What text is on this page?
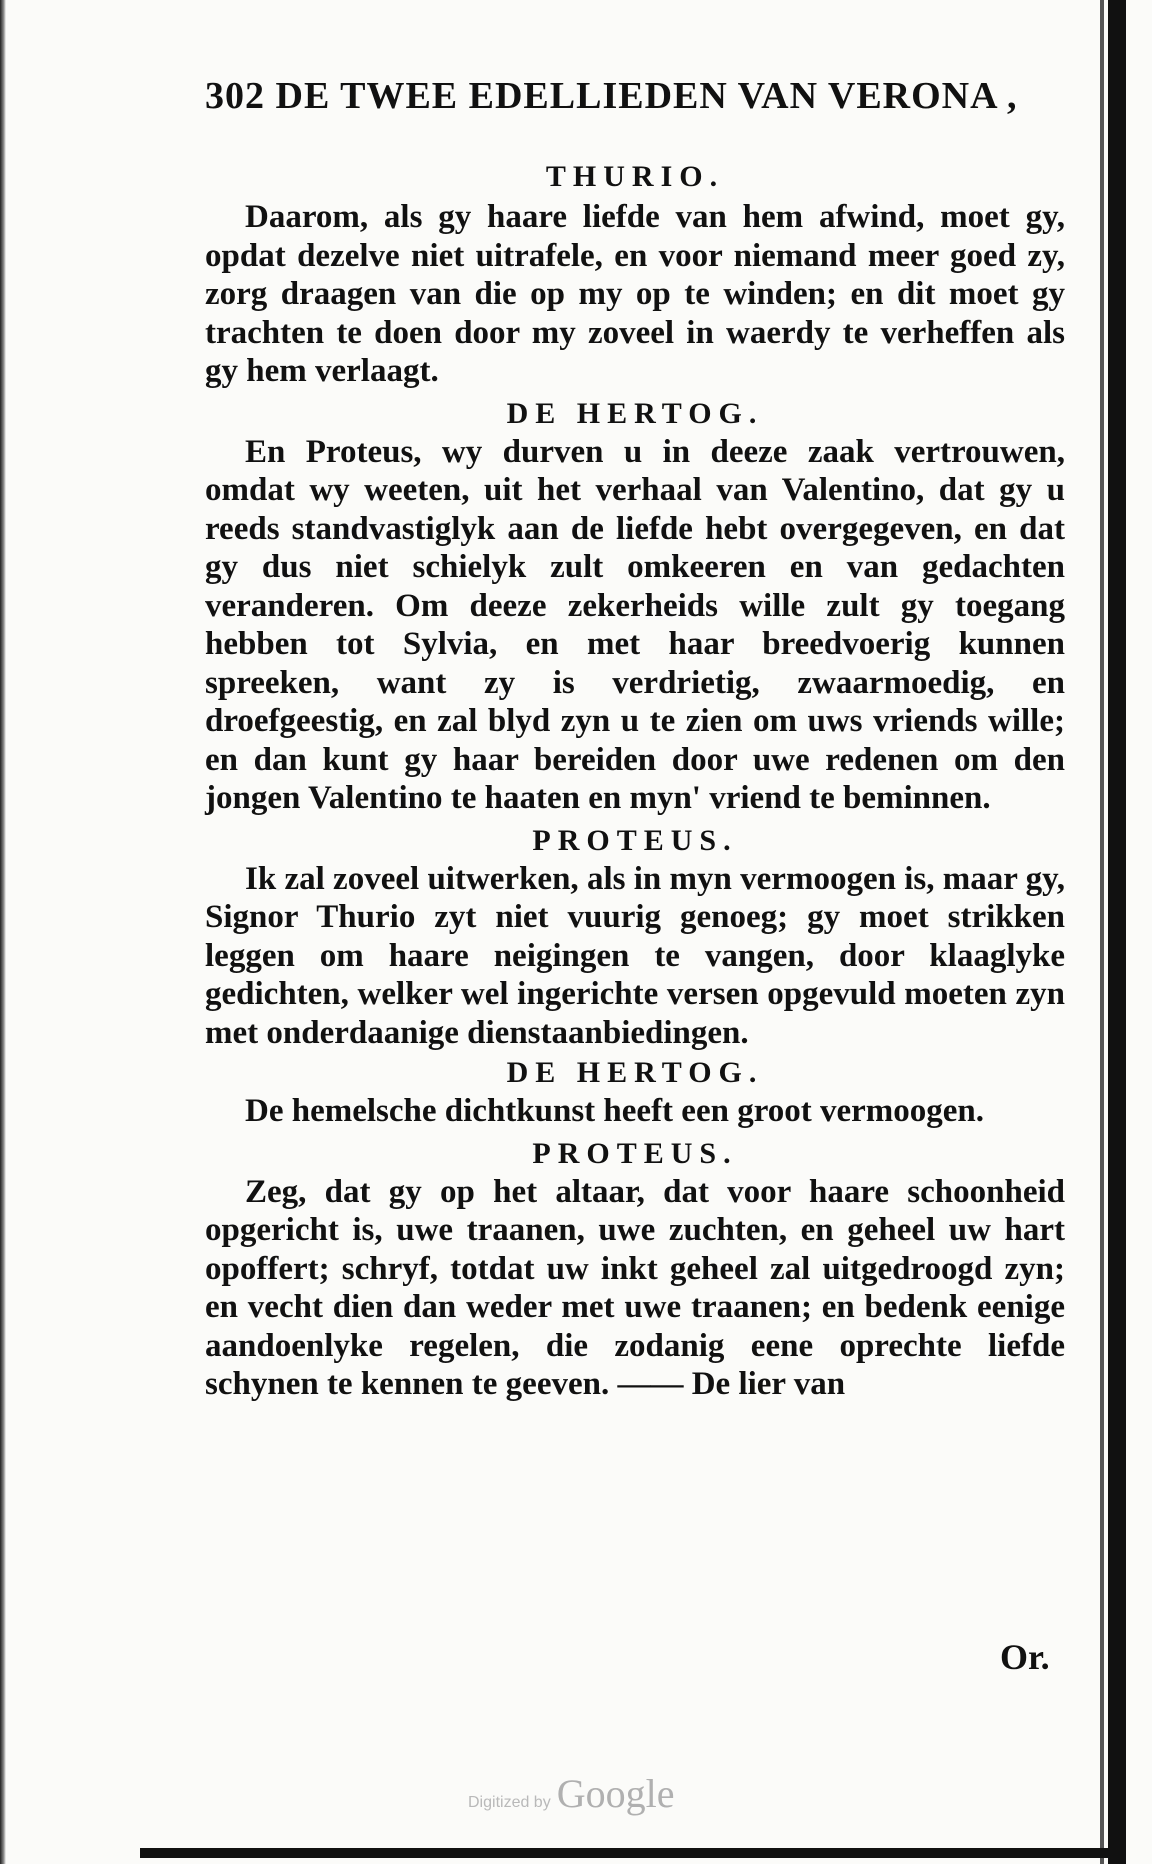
302 DE TWEE EDELLIEDEN VAN VERONA ,
THURIO.

Daarom, als gy haare liefde van hem afwind, moet gy, opdat dezelve niet uitrafele, en voor niemand meer goed zy, zorg draagen van die op my op te winden; en dit moet gy trachten te doen door my zoveel in waerdy te verheffen als gy hem verlaagt.

DE HERTOG.

En Proteus, wy durven u in deeze zaak vertrouwen, omdat wy weeten, uit het verhaal van Valentino, dat gy u reeds standvastiglyk aan de liefde hebt overgegeven, en dat gy dus niet schielyk zult omkeeren en van gedachten veranderen. Om deeze zekerheids wille zult gy toegang hebben tot Sylvia, en met haar breedvoerig kunnen spreeken, want zy is verdrietig, zwaarmoedig, en droefgeestig, en zal blyd zyn u te zien om uws vriends wille; en dan kunt gy haar bereiden door uwe redenen om den jongen Valentino te haaten en myn' vriend te beminnen.

PROTEUS.

Ik zal zoveel uitwerken, als in myn vermoogen is, maar gy, Signor Thurio zyt niet vuurig genoeg; gy moet strikken leggen om haare neigingen te vangen, door klaaglyke gedichten, welker wel ingerichte versen opgevuld moeten zyn met onderdaanige dienstaanbiedingen.

DE HERTOG.

De hemelsche dichtkunst heeft een groot vermoogen.

PROTEUS.

Zeg, dat gy op het altaar, dat voor haare schoonheid opgericht is, uwe traanen, uwe zuchten, en geheel uw hart opoffert; schryf, totdat uw inkt geheel zal uitgedroogd zyn; en vecht dien dan weder met uwe traanen; en bedenk eenige aandoenlyke regelen, die zodanig eene oprechte liefde schynen te kennen te geeven. —— De lier van

Or.
Digitized by Google
